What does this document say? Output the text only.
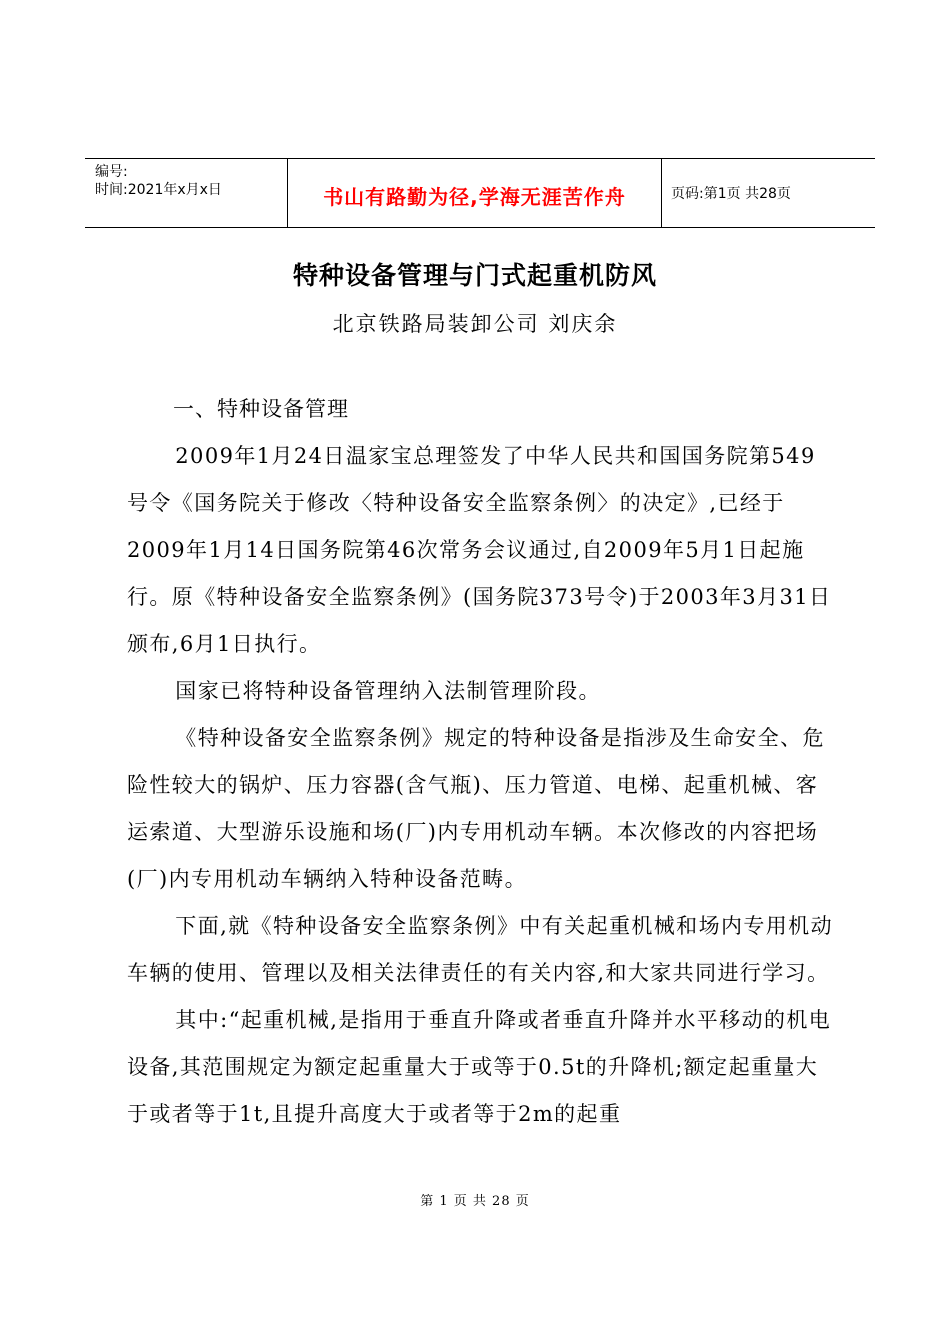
编号:
时间:2021年x月x日	书山有路勤为径,学海无涯苦作舟	页码:第1页 共28页
特种设备管理与门式起重机防风
北京铁路局装卸公司 刘庆余
一、特种设备管理

2009年1月24日温家宝总理签发了中华人民共和国国务院第549号令《国务院关于修改〈特种设备安全监察条例〉的决定》,已经于2009年1月14日国务院第46次常务会议通过,自2009年5月1日起施行。原《特种设备安全监察条例》(国务院373号令)于2003年3月31日颁布,6月1日执行。

国家已将特种设备管理纳入法制管理阶段。

《特种设备安全监察条例》规定的特种设备是指涉及生命安全、危险性较大的锅炉、压力容器(含气瓶)、压力管道、电梯、起重机械、客运索道、大型游乐设施和场(厂)内专用机动车辆。本次修改的内容把场(厂)内专用机动车辆纳入特种设备范畴。

下面,就《特种设备安全监察条例》中有关起重机械和场内专用机动车辆的使用、管理以及相关法律责任的有关内容,和大家共同进行学习。

其中:“起重机械,是指用于垂直升降或者垂直升降并水平移动的机电设备,其范围规定为额定起重量大于或等于0.5t的升降机;额定起重量大于或者等于1t,且提升高度大于或者等于2m的起重

第 1 页 共 28 页
